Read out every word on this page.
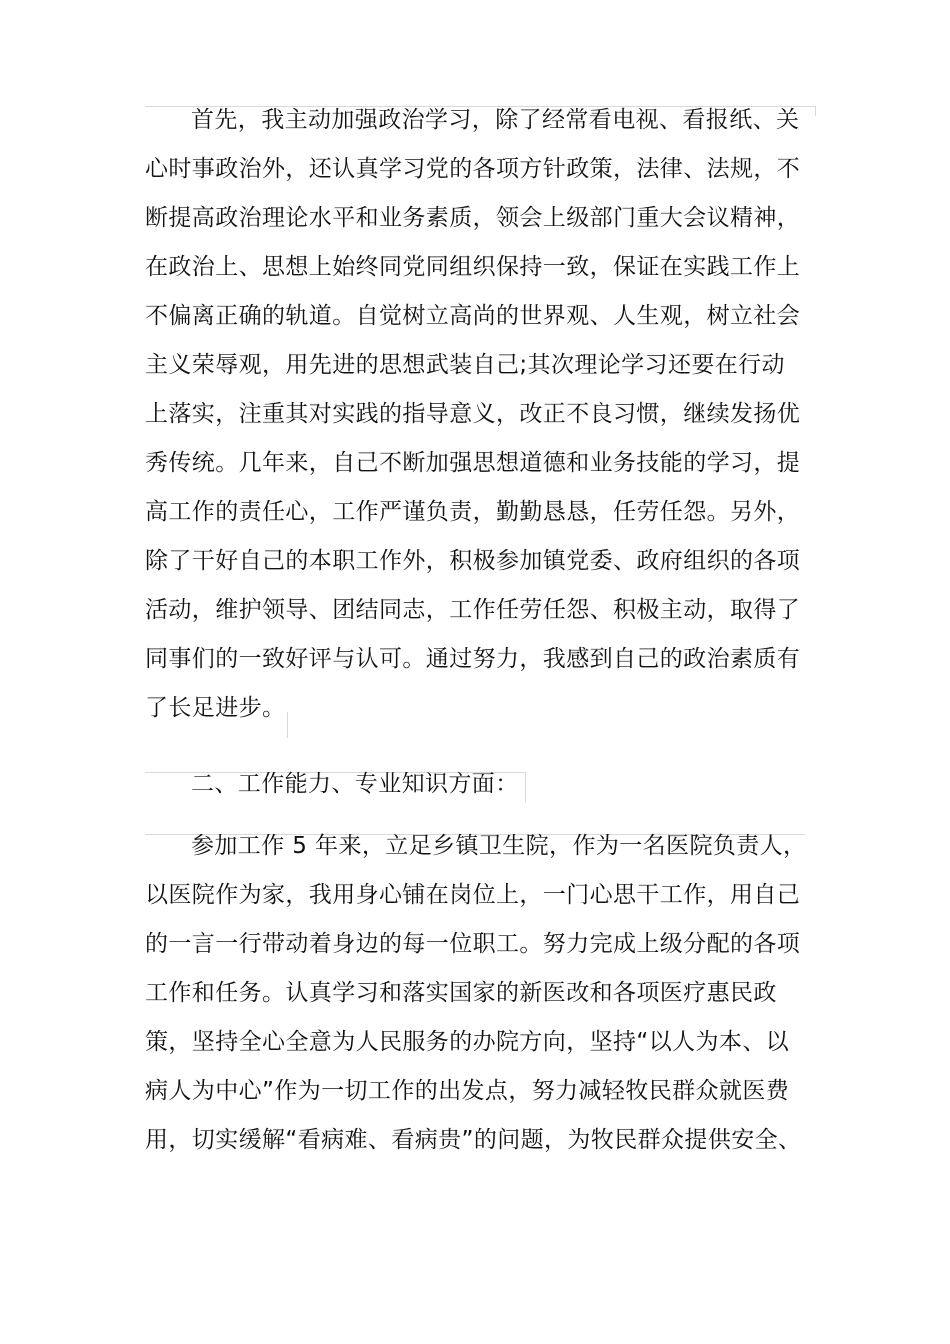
首先，我主动加强政治学习，除了经常看电视、看报纸、关
心时事政治外，还认真学习党的各项方针政策，法律、法规，不
断提高政治理论水平和业务素质，领会上级部门重大会议精神，
在政治上、思想上始终同党同组织保持一致，保证在实践工作上
不偏离正确的轨道。自觉树立高尚的世界观、人生观，树立社会
主义荣辱观，用先进的思想武装自己;其次理论学习还要在行动
上落实，注重其对实践的指导意义，改正不良习惯，继续发扬优
秀传统。几年来，自己不断加强思想道德和业务技能的学习，提
高工作的责任心，工作严谨负责，勤勤恳恳，任劳任怨。另外，
除了干好自己的本职工作外，积极参加镇党委、政府组织的各项
活动，维护领导、团结同志，工作任劳任怨、积极主动，取得了
同事们的一致好评与认可。通过努力，我感到自己的政治素质有
了长足进步。
二、工作能力、专业知识方面：
参加工作 5 年来，立足乡镇卫生院，作为一名医院负责人，
以医院作为家，我用身心铺在岗位上，一门心思干工作，用自己
的一言一行带动着身边的每一位职工。努力完成上级分配的各项
工作和任务。认真学习和落实国家的新医改和各项医疗惠民政
策，坚持全心全意为人民服务的办院方向，坚持“以人为本、以
病人为中心”作为一切工作的出发点，努力减轻牧民群众就医费
用，切实缓解“看病难、看病贵”的问题，为牧民群众提供安全、
